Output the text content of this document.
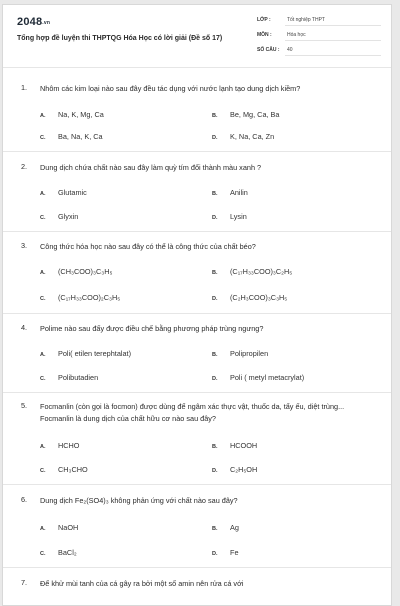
2048.vn
Tổng hợp đề luyện thi THPTQG Hóa Học có lời giải (Đề số 17)
LỚP :	Tốt nghiệp THPT
MÔN :	Hóa học
SỐ CÂU : 40
1. Nhôm các kim loại nào sau đây đều tác dụng với nước lạnh tạo dung dịch kiềm?
A. Na, K, Mg, Ca	B. Be, Mg, Ca, Ba
C. Ba, Na, K, Ca	D. K, Na, Ca, Zn
2. Dung dịch chứa chất nào sau đây làm quỳ tím đổi thành màu xanh ?
A. Glutamic	B. Anilin
C. Glyxin	D. Lysin
3. Công thức hóa học nào sau đây có thể là công thức của chất béo?
A. (CH₃COO)₃C₃H₅	B. (C₁₇H₃₃COO)₃C₂H₅
C. (C₁₇H₃₃COO)₂C₃H₅	D. (C₂H₃COO)₃C₃H₅
4. Polime nào sau đấy được điều chế bằng phương pháp trùng ngưng?
A. Poli( etilen terephtalat)	B. Polipropilen
C. Polibutadien	D. Poli ( metyl metacrylat)
5. Focmanlin (còn gọi là focmon) được dùng để ngâm xác thực vật, thuốc da, tẩy ếu, diệt trùng... Focmanlin là dung dịch của chất hữu cơ nào sau đây?
A. HCHO	B. HCOOH
C. CH₃CHO	D. C₂H₅OH
6. Dung dịch Fe₂(SO4)₃ không phản ứng với chất nào sau đây?
A. NaOH	B. Ag
C. BaCl₂	D. Fe
7. Để khử mùi tanh của cá gây ra bởi một số amin nên rửa cá với
